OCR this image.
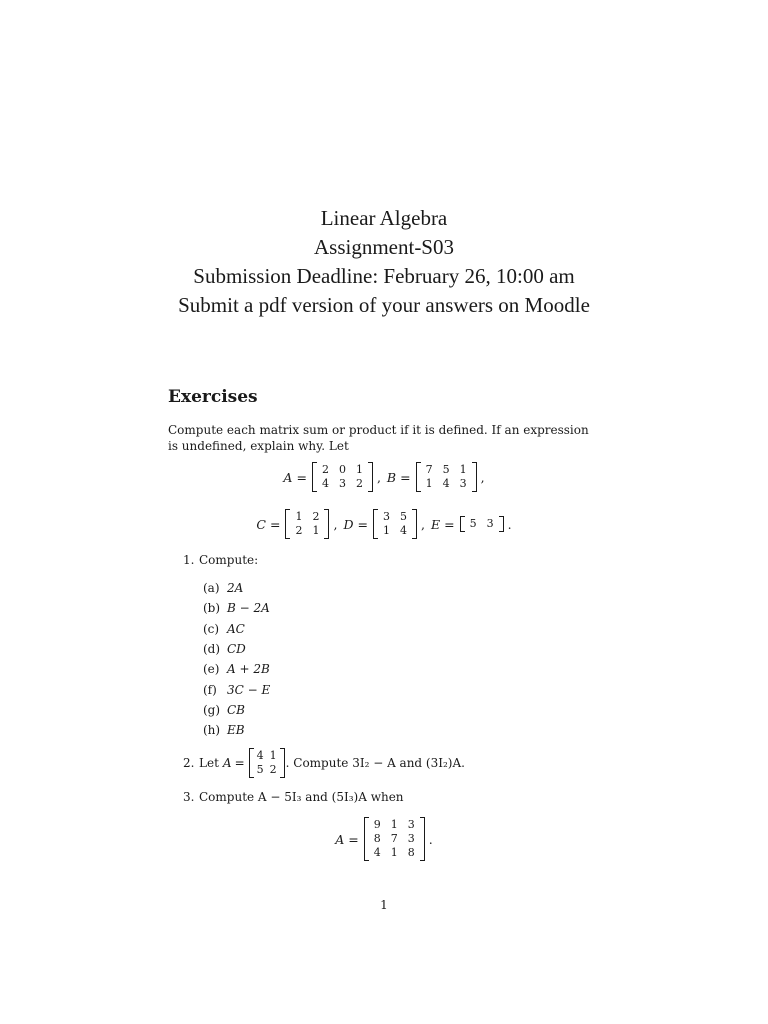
Linear Algebra
Assignment-S03
Submission Deadline: February 26, 10:00 am
Submit a pdf version of your answers on Moodle
Exercises
Compute each matrix sum or product if it is defined. If an expression is undefined, explain why. Let
A =	2 0 1
4 3 2	, B =	7 5 1
1 4 3	,
C =	1 2
2 1	, D =	3 5
1 4	, E =	5 3	.
1. Compute:
(a) 2A
(b) B − 2A
(c) AC
(d) CD
(e) A + 2B
(f) 3C − E
(g) CB
(h) EB
2. Let A =
4 1
5 2 . Compute 3I₂ − A and (3I₂)A.
3. Compute A − 5I₃ and (5I₃)A when
A =
9 1 3
8 7 3
4 1 8
.
1
